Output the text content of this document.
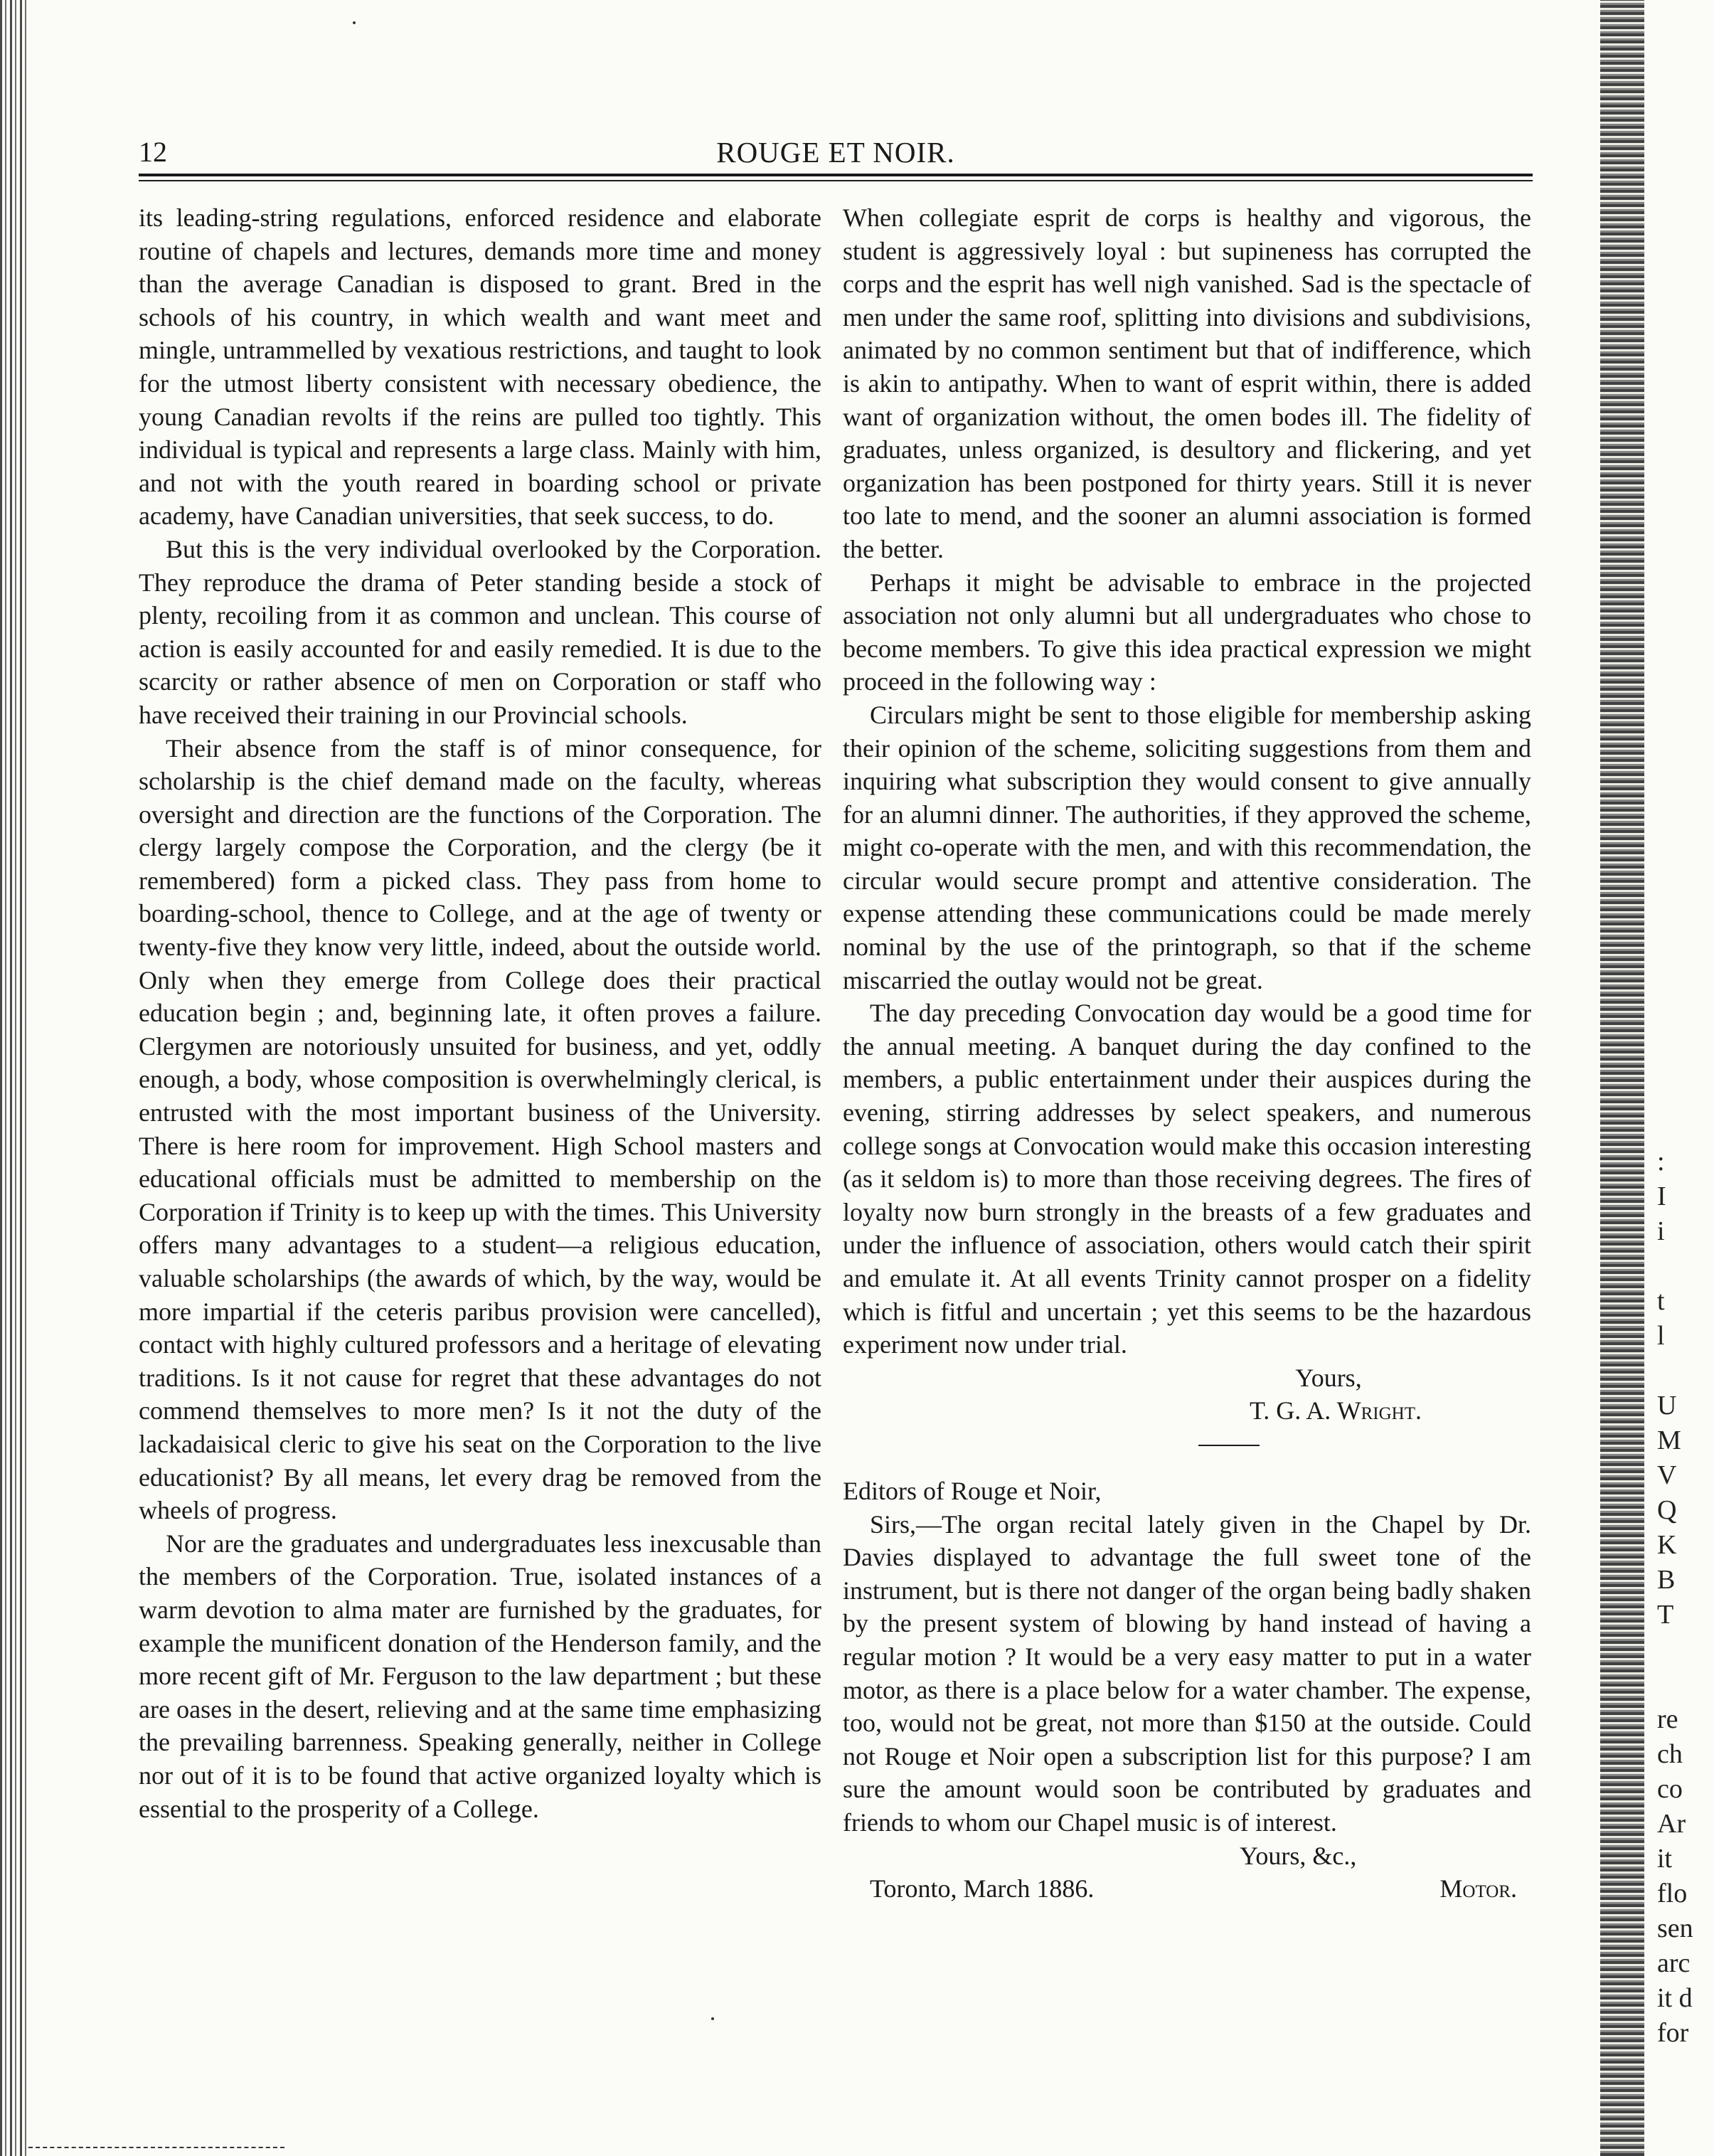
:
I
i
t
l
U
M
V
Q
K
B
T
re
ch
co
Ar
it
flo
sen
arc
it d
for
12	ROUGE ET NOIR.

its leading-string regulations, enforced residence and elaborate routine of chapels and lectures, demands more time and money than the average Canadian is disposed to grant. Bred in the schools of his country, in which wealth and want meet and mingle, untrammelled by vexatious restrictions, and taught to look for the utmost liberty consistent with necessary obedience, the young Canadian revolts if the reins are pulled too tightly. This individual is typical and represents a large class. Mainly with him, and not with the youth reared in boarding school or private academy, have Canadian universities, that seek success, to do.

But this is the very individual overlooked by the Corporation. They reproduce the drama of Peter standing beside a stock of plenty, recoiling from it as common and unclean. This course of action is easily accounted for and easily remedied. It is due to the scarcity or rather absence of men on Corporation or staff who have received their training in our Provincial schools.

Their absence from the staff is of minor consequence, for scholarship is the chief demand made on the faculty, whereas oversight and direction are the functions of the Corporation. The clergy largely compose the Corporation, and the clergy (be it remembered) form a picked class. They pass from home to boarding-school, thence to College, and at the age of twenty or twenty-five they know very little, indeed, about the outside world. Only when they emerge from College does their practical education begin ; and, beginning late, it often proves a failure. Clergymen are notoriously unsuited for business, and yet, oddly enough, a body, whose composition is overwhelmingly clerical, is entrusted with the most important business of the University. There is here room for improvement. High School masters and educational officials must be admitted to membership on the Corporation if Trinity is to keep up with the times. This University offers many advantages to a student—a religious education, valuable scholarships (the awards of which, by the way, would be more impartial if the ceteris paribus provision were cancelled), contact with highly cultured professors and a heritage of elevating traditions. Is it not cause for regret that these advantages do not commend themselves to more men? Is it not the duty of the lackadaisical cleric to give his seat on the Corporation to the live educationist? By all means, let every drag be removed from the wheels of progress.

Nor are the graduates and undergraduates less inexcusable than the members of the Corporation. True, isolated instances of a warm devotion to alma mater are furnished by the graduates, for example the munificent donation of the Henderson family, and the more recent gift of Mr. Ferguson to the law department ; but these are oases in the desert, relieving and at the same time emphasizing the prevailing barrenness. Speaking generally, neither in College nor out of it is to be found that active organized loyalty which is essential to the prosperity of a College.

When collegiate esprit de corps is healthy and vigorous, the student is aggressively loyal : but supineness has corrupted the corps and the esprit has well nigh vanished. Sad is the spectacle of men under the same roof, splitting into divisions and subdivisions, animated by no common sentiment but that of indifference, which is akin to antipathy. When to want of esprit within, there is added want of organization without, the omen bodes ill. The fidelity of graduates, unless organized, is desultory and flickering, and yet organization has been postponed for thirty years. Still it is never too late to mend, and the sooner an alumni association is formed the better.

Perhaps it might be advisable to embrace in the projected association not only alumni but all undergraduates who chose to become members. To give this idea practical expression we might proceed in the following way :

Circulars might be sent to those eligible for membership asking their opinion of the scheme, soliciting suggestions from them and inquiring what subscription they would consent to give annually for an alumni dinner. The authorities, if they approved the scheme, might co-operate with the men, and with this recommendation, the circular would secure prompt and attentive consideration. The expense attending these communications could be made merely nominal by the use of the printograph, so that if the scheme miscarried the outlay would not be great.

The day preceding Convocation day would be a good time for the annual meeting. A banquet during the day confined to the members, a public entertainment under their auspices during the evening, stirring addresses by select speakers, and numerous college songs at Convocation would make this occasion interesting (as it seldom is) to more than those receiving degrees. The fires of loyalty now burn strongly in the breasts of a few graduates and under the influence of association, others would catch their spirit and emulate it. At all events Trinity cannot prosper on a fidelity which is fitful and uncertain ; yet this seems to be the hazardous experiment now under trial.

Yours,

T. G. A. Wright.

Editors of Rouge et Noir,

Sirs,—The organ recital lately given in the Chapel by Dr. Davies displayed to advantage the full sweet tone of the instrument, but is there not danger of the organ being badly shaken by the present system of blowing by hand instead of having a regular motion ? It would be a very easy matter to put in a water motor, as there is a place below for a water chamber. The expense, too, would not be great, not more than $150 at the outside. Could not Rouge et Noir open a subscription list for this purpose? I am sure the amount would soon be contributed by graduates and friends to whom our Chapel music is of interest.

Yours, &c.,

Toronto, March 1886.	Motor.
